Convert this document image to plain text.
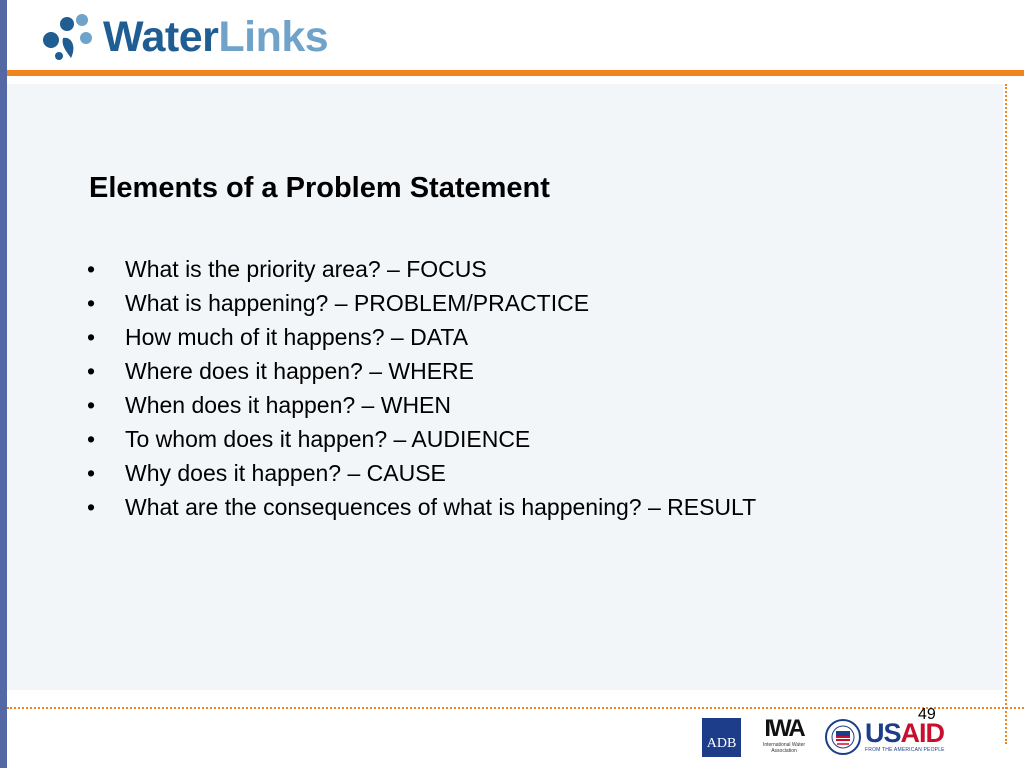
WaterLinks
Elements of a Problem Statement
•	What is the priority area? – FOCUS
•	What is happening? – PROBLEM/PRACTICE
•	How much of it happens? – DATA
•	Where does it happen? – WHERE
•	When does it happen? – WHEN
•	To whom does it happen? – AUDIENCE
•	Why does it happen? – CAUSE
•	What are the consequences of what is happening? – RESULT
49
ADB
IWA
International Water Association
USAID
FROM THE AMERICAN PEOPLE
